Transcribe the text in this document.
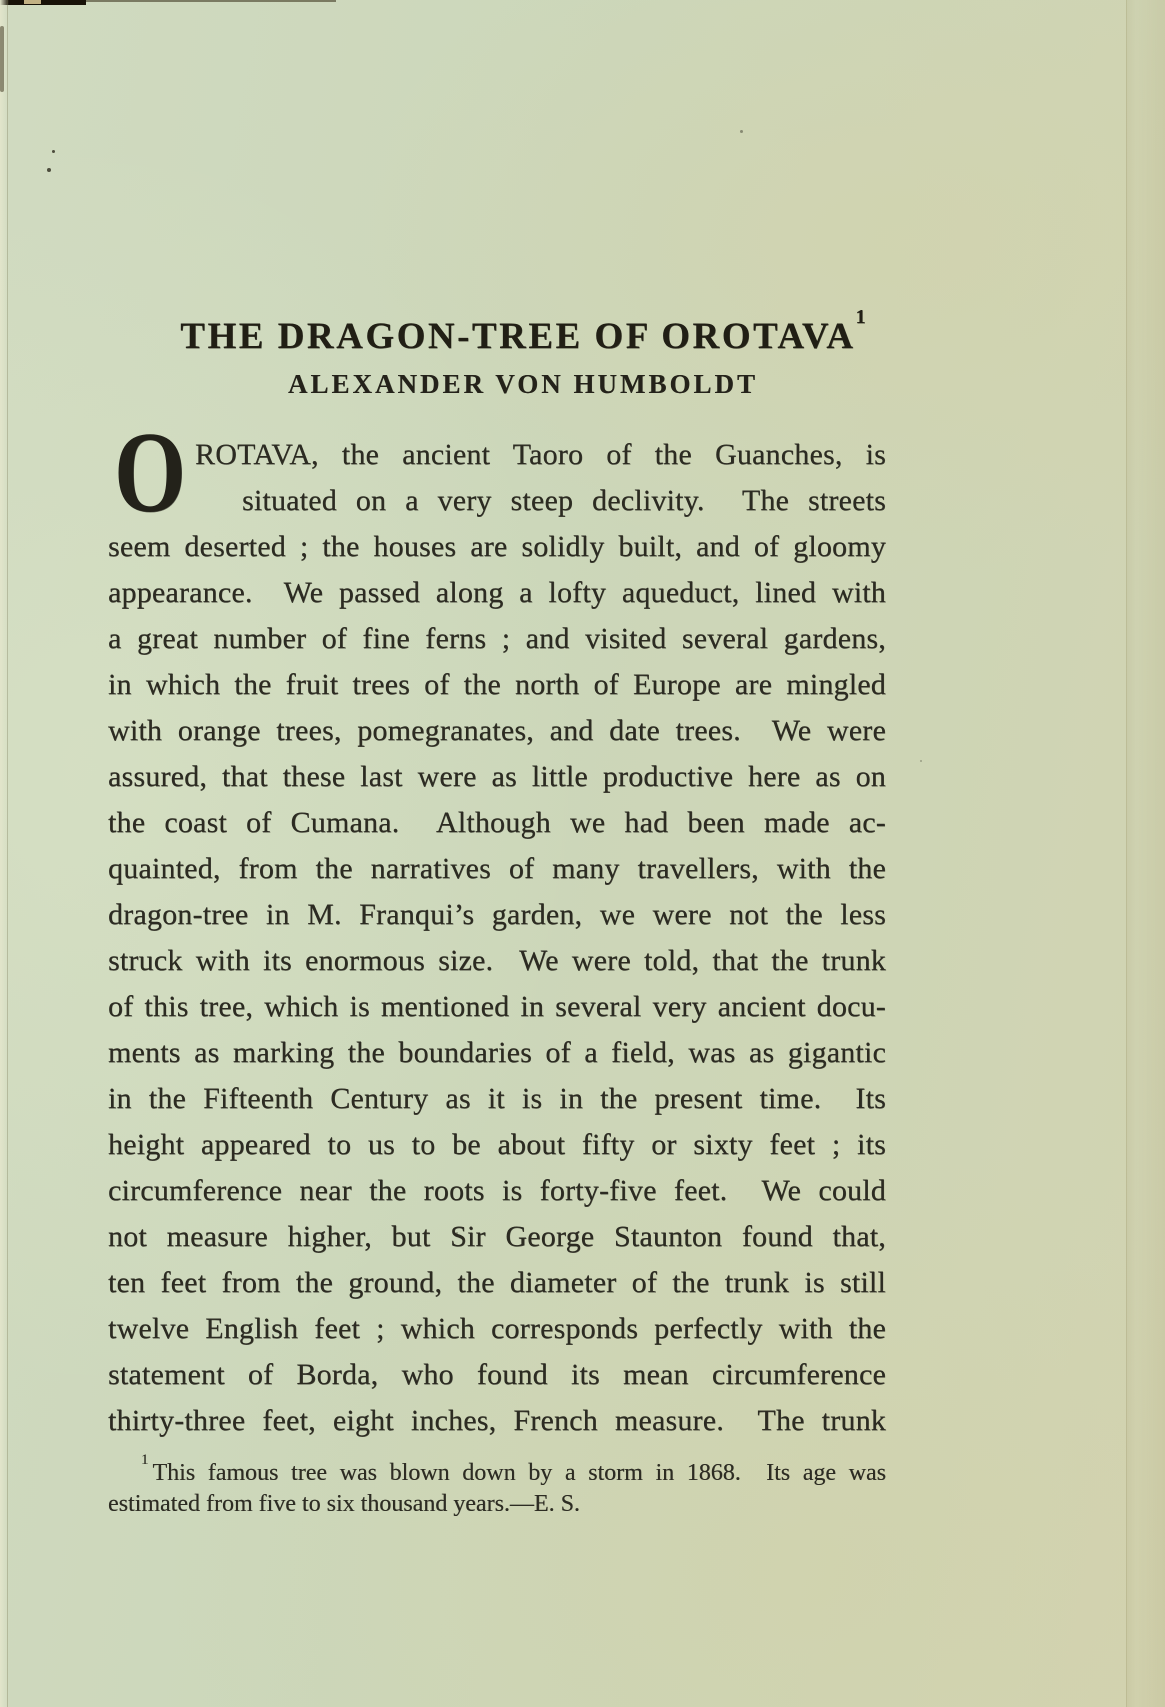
THE DRAGON-TREE OF OROTAVA$^1$
ALEXANDER VON HUMBOLDT
O ROTAVA, the ancient Taoro of the Guanches, is
situated on a very steep declivity.  The streets
seem deserted ; the houses are solidly built, and of gloomy
appearance.  We passed along a lofty aqueduct, lined with
a great number of fine ferns ; and visited several gardens,
in which the fruit trees of the north of Europe are mingled
with orange trees, pomegranates, and date trees.  We were
assured, that these last were as little productive here as on
the coast of Cumana.  Although we had been made ac-
quainted, from the narratives of many travellers, with the
dragon-tree in M. Franqui’s garden, we were not the less
struck with its enormous size.  We were told, that the trunk
of this tree, which is mentioned in several very ancient docu-
ments as marking the boundaries of a field, was as gigantic
in the Fifteenth Century as it is in the present time.  Its
height appeared to us to be about fifty or sixty feet ; its
circumference near the roots is forty-five feet.  We could
not measure higher, but Sir George Staunton found that,
ten feet from the ground, the diameter of the trunk is still
twelve English feet ; which corresponds perfectly with the
statement of Borda, who found its mean circumference
thirty-three feet, eight inches, French measure.  The trunk
$^1$ This famous tree was blown down by a storm in 1868.  Its age was
estimated from five to six thousand years.—E. S.
